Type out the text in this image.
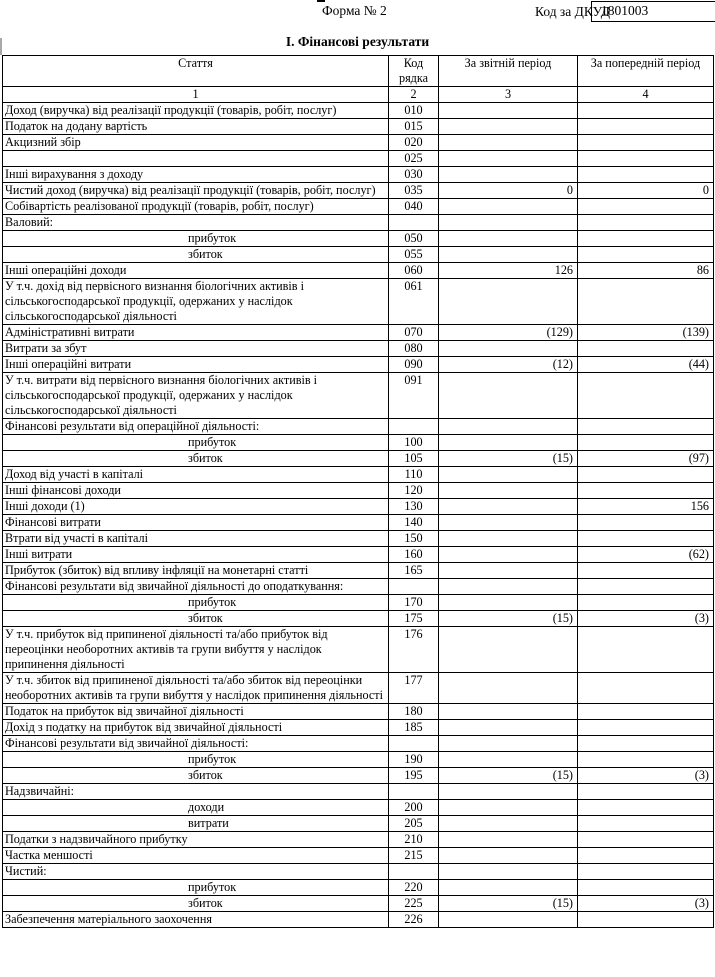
Форма № 2	Код за ДКУД
1801003
І. Фінансові результати
Стаття	Код рядка	За звітній період	За попередній період
1	2	3	4
Доход (виручка) від реалізації продукції (товарів, робіт, послуг)	010		
Податок на додану вартість	015		
Акцизний збір	020		
	025		
Інші вирахування з доходу	030		
Чистий доход (виручка) від реалізації продукції (товарів, робіт, послуг)	035	0	0
Собівартість реалізованої продукції (товарів, робіт, послуг)	040		
Валовий:			
прибуток	050		
збиток	055		
Інші операційні доходи	060	126	86
У т.ч. дохід від первісного визнання біологічних активів і сільськогосподарської продукції, одержаних у наслідок сільськогосподарської діяльності	061		
Адміністративні витрати	070	(129)	(139)
Витрати за збут	080		
Інші операційні витрати	090	(12)	(44)
У т.ч. витрати від первісного визнання біологічних активів і сільськогосподарської продукції, одержаних у наслідок сільськогосподарської діяльності	091		
Фінансові результати від операційної діяльності:			
прибуток	100		
збиток	105	(15)	(97)
Доход від участі в капіталі	110		
Інші фінансові доходи	120		
Інші доходи (1)	130		156
Фінансові витрати	140		
Втрати від участі в капіталі	150		
Інші витрати	160		(62)
Прибуток (збиток) від впливу інфляції на монетарні статті	165		
Фінансові результати від звичайної діяльності до оподаткування:			
прибуток	170		
збиток	175	(15)	(3)
У т.ч. прибуток від припиненої діяльності та/або прибуток від переоцінки необоротних активів та групи вибуття у наслідок припинення діяльності	176		
У т.ч. збиток від припиненої діяльності та/або збиток від переоцінки необоротних активів та групи вибуття у наслідок припинення діяльності	177		
Податок на прибуток від звичайної діяльності	180		
Дохід з податку на прибуток від звичайної діяльності	185		
Фінансові результати від звичайної діяльності:			
прибуток	190		
збиток	195	(15)	(3)
Надзвичайні:			
доходи	200		
витрати	205		
Податки з надзвичайного прибутку	210		
Частка меншості	215		
Чистий:			
прибуток	220		
збиток	225	(15)	(3)
Забезпечення матеріального заохочення	226		
